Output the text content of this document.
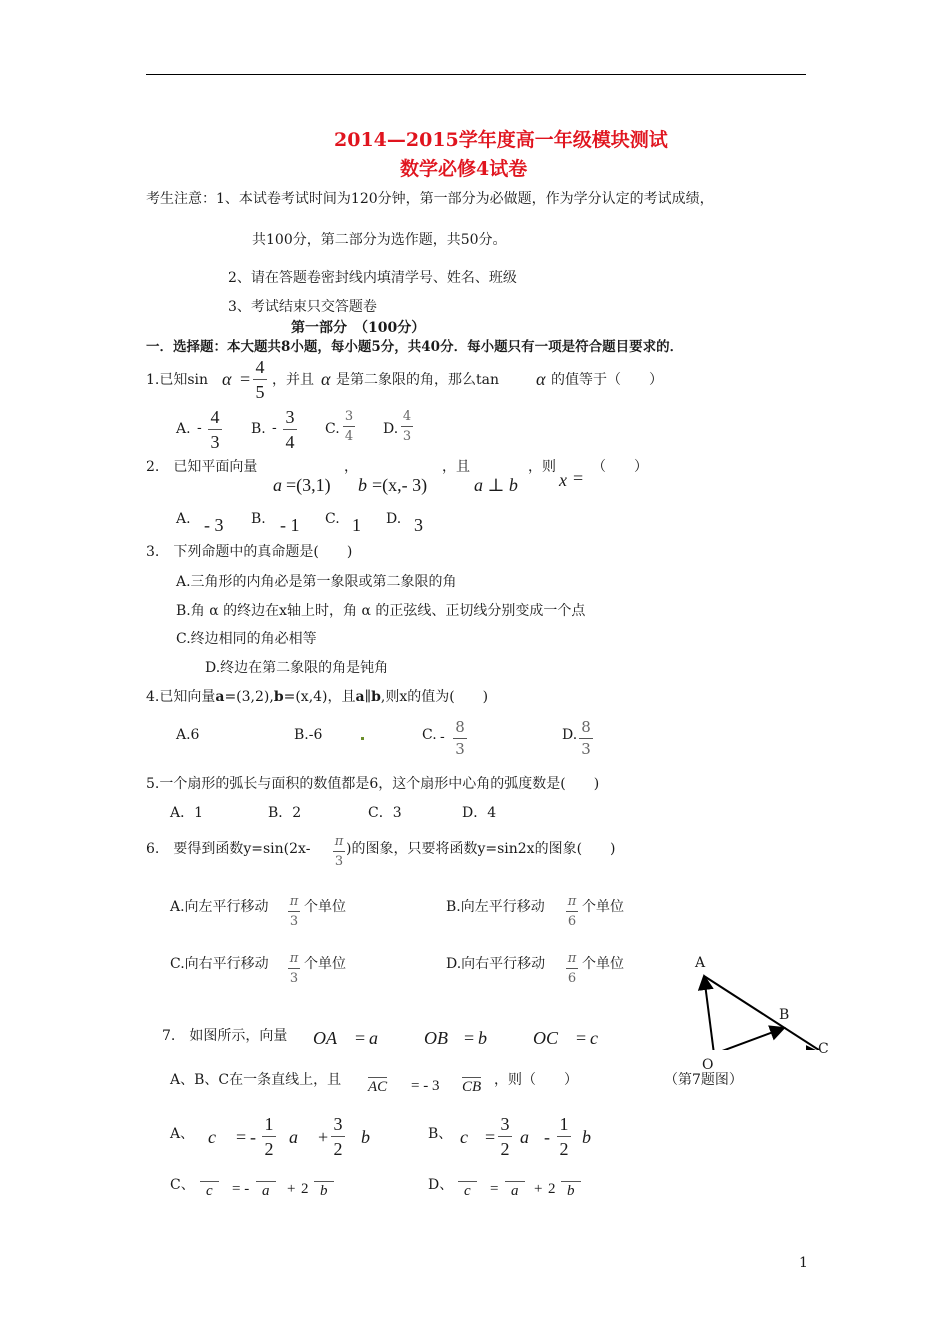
2014—2015学年度高一年级模块测试
数学必修4试卷
考生注意：1、本试卷考试时间为120分钟，第一部分为必做题，作为学分认定的考试成绩，
共100分，第二部分为选作题，共50分。
2、请在答题卷密封线内填清学号、姓名、班级
3、考试结束只交答题卷
第一部分　（100分）
一．选择题：本大题共8小题，每小题5分，共40分．每小题只有一项是符合题目要求的．
1.已知$\sin \alpha = \frac{4}{5}$ ，并且 α 是第二象限的角，那么tan α 的值等于（　　）
A. - $\frac{4}{3} B$. - $\frac{3}{4} C$. $\frac{3}{4} D$. $\frac{4}{3}$
2.　已知平面向量	，	，且	，则	（　　）
a =(3,1) b =(x,- 3)	a ⊥ b x =
A. - 3 B. - 1 C. 1 D. 3
3.　下列命题中的真命题是(　　)
A.三角形的内角必是第一象限或第二象限的角
B.角 α 的终边在x轴上时，角 α 的正弦线、正切线分别变成一个点
C.终边相同的角必相等
D.终边在第二象限的角是钝角
4.已知向量a=(3,2),b=(x,4)，且a∥b,则x的值为(　　)
A.6	B.-6	C. - $\frac{8}{3}$	D. $\frac{8}{3}$
5.一个扇形的弧长与面积的数值都是6，这个扇形中心角的弧度数是(　　)
A．1	B．2	C．3	D．4
6.　要得到函数$y=\sin(2x- \frac{\pi}{3}$ )的图象，只要将函数y=sin2x的图象(　　)
A.向左平行移动 $\frac{\pi}{3}$ 个单位	B.向左平行移动 $\frac{\pi}{6}$ 个单位
C.向右平行移动 $\frac{\pi}{3}$ 个单位	D.向右平行移动 $\frac{\pi}{6}$ 个单位	A
B
C
O
（第7题图）
7.　如图所示，向量 OA = a	OB = b	OC = c
A、B、C在一条直线上，且 AC = - 3 CB ，则（　　）
A、 c = - $\frac{1}{2}$ $a + \frac{3}{2}$ b	B、 $c = \frac{3}{2}$ a - $\frac{1}{2}$ b
C、 c	= - a	+ 2 b	D、 c	= a	+ 2 b
1
